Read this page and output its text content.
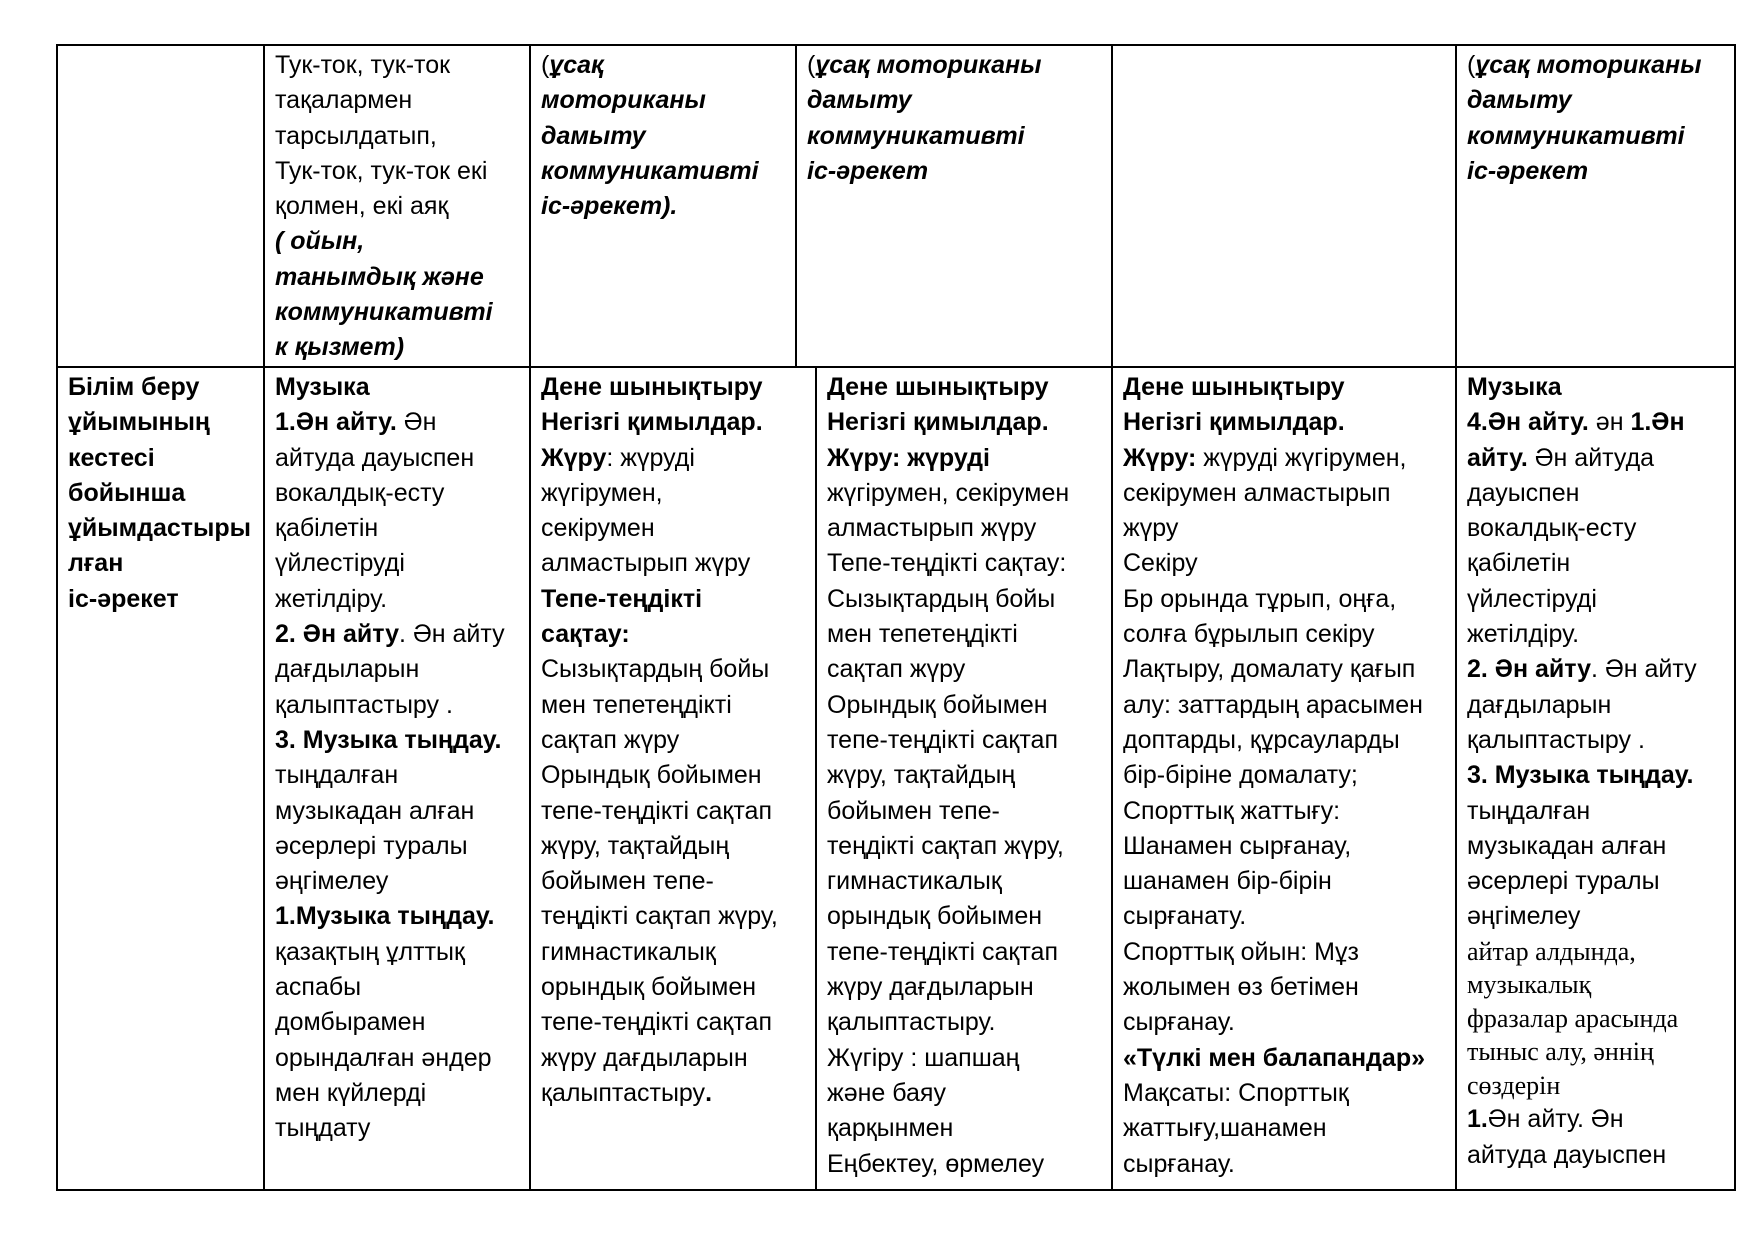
Тук-ток, тук-ток

тақалармен

тарсылдатып,

Тук-ток, тук-ток екі

қолмен, екі аяқ

( ойын,

танымдық және

коммуникативті

к қызмет)

(ұсақ

моториканы

дамыту

коммуникативті

іс-әрекет).

(ұсақ моториканы

дамыту

коммуникативті

іс-әрекет

(ұсақ моториканы

дамыту

коммуникативті

іс-әрекет

Білім беру

ұйымының

кестесі

бойынша

ұйымдастыры

лған

іс-әрекет

Музыка

1.Ән айту. Ән

айтуда дауыспен

вокалдық-есту

қабілетін

үйлестіруді

жетілдіру.

2. Ән айту. Ән айту

дағдыларын

қалыптастыру .

3. Музыка тыңдау.

тыңдалған

музыкадан алған

әсерлері туралы

әңгімелеу

1.Музыка тыңдау.

қазақтың ұлттық

аспабы

домбырамен

орындалған әндер

мен күйлерді

тыңдату

Дене шынықтыру

Негізгі қимылдар.

Жүру: жүруді

жүгірумен,

секірумен

алмастырып жүру

Тепе-теңдікті

сақтау:

Сызықтардың бойы

мен тепетеңдікті

сақтап жүру

Орындық бойымен

тепе-теңдікті сақтап

жүру, тақтайдың

бойымен тепе-

теңдікті сақтап жүру,

гимнастикалық

орындық бойымен

тепе-теңдікті сақтап

жүру дағдыларын

қалыптастыру.

Дене шынықтыру

Негізгі қимылдар.

Жүру: жүруді

жүгірумен, секірумен

алмастырып жүру

Тепе-теңдікті сақтау:

Сызықтардың бойы

мен тепетеңдікті

сақтап жүру

Орындық бойымен

тепе-теңдікті сақтап

жүру, тақтайдың

бойымен тепе-

теңдікті сақтап жүру,

гимнастикалық

орындық бойымен

тепе-теңдікті сақтап

жүру дағдыларын

қалыптастыру.

Жүгіру : шапшаң

және баяу

қарқынмен

Еңбектеу, өрмелеу

Дене шынықтыру

Негізгі қимылдар.

Жүру: жүруді жүгірумен,

секірумен алмастырып

жүру

Секіру

Бр орында тұрып, оңға,

солға бұрылып секіру

Лақтыру, домалату қағып

алу: заттардың арасымен

доптарды, құрсауларды

бір-біріне домалату;

Спорттық жаттығу:

Шанамен сырғанау,

шанамен бір-бірін

сырғанату.

Спорттық ойын: Мұз

жолымен өз бетімен

сырғанау.

«Түлкі мен балапандар»

Мақсаты: Спорттық

жаттығу,шанамен

сырғанау.

Музыка

4.Ән айту. ән 1.Ән

айту. Ән айтуда

дауыспен

вокалдық-есту

қабілетін

үйлестіруді

жетілдіру.

2. Ән айту. Ән айту

дағдыларын

қалыптастыру .

3. Музыка тыңдау.

тыңдалған

музыкадан алған

әсерлері туралы

әңгімелеу

айтар алдында,

музыкалық

фразалар арасында

тыныс алу, әннің

сөздерін

1.Ән айту. Ән

айтуда дауыспен
